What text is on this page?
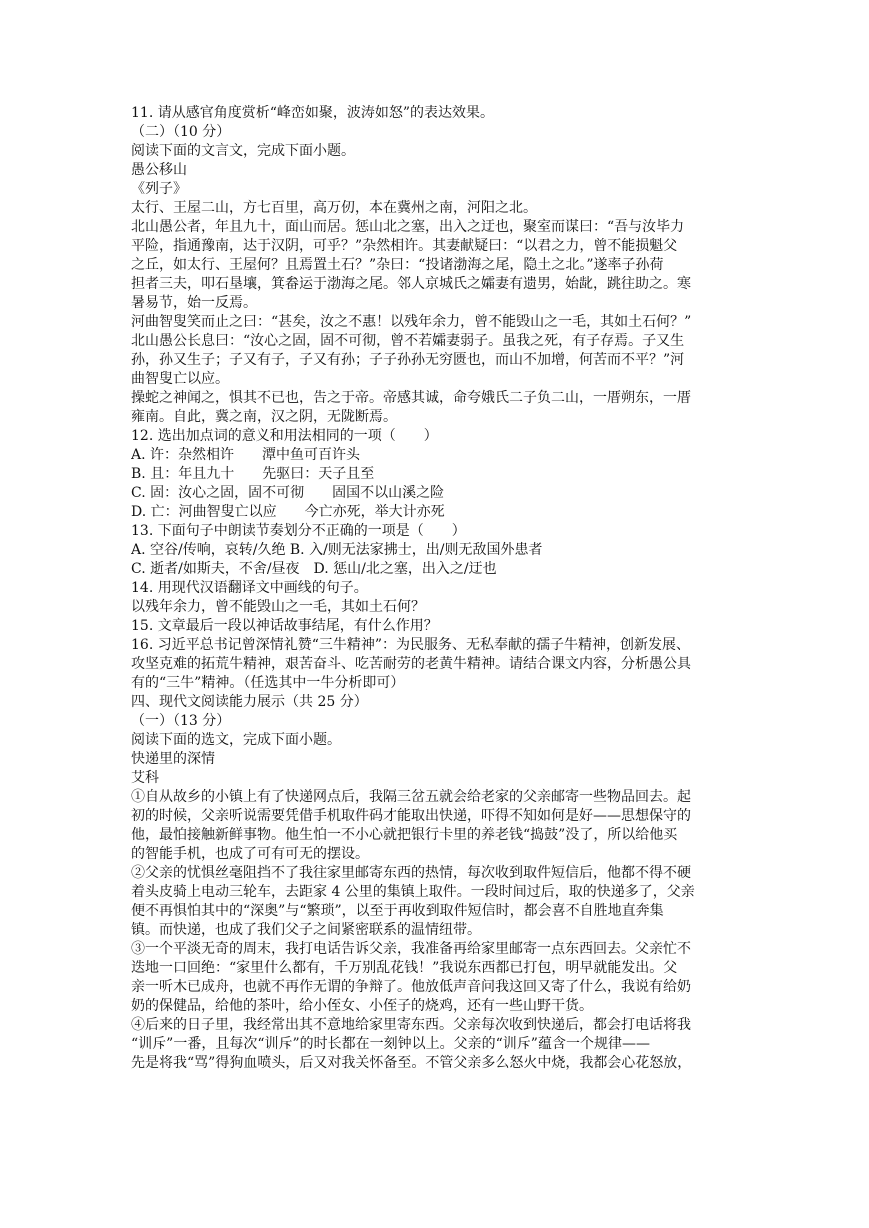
11. 请从感官角度赏析“峰峦如聚，波涛如怒”的表达效果。
（二）（10 分）
阅读下面的文言文，完成下面小题。
愚公移山
《列子》
太行、王屋二山，方七百里，高万仞，本在冀州之南，河阳之北。
北山愚公者，年且九十，面山而居。惩山北之塞，出入之迂也，聚室而谋曰：“吾与汝毕力
平险，指通豫南，达于汉阴，可乎？”杂然相许。其妻献疑曰：“以君之力，曾不能损魁父
之丘，如太行、王屋何？且焉置土石？”杂曰：“投诸渤海之尾，隐土之北。”遂率子孙荷
担者三夫，叩石垦壤，箕畚运于渤海之尾。邻人京城氏之孀妻有遗男，始龀，跳往助之。寒
暑易节，始一反焉。
河曲智叟笑而止之曰：“甚矣，汝之不惠！以残年余力，曾不能毁山之一毛，其如土石何？”
北山愚公长息曰：“汝心之固，固不可彻，曾不若孀妻弱子。虽我之死，有子存焉。子又生
孙，孙又生子；子又有子，子又有孙；子子孙孙无穷匮也，而山不加增，何苦而不平？”河
曲智叟亡以应。
操蛇之神闻之，惧其不已也，告之于帝。帝感其诚，命夸娥氏二子负二山，一厝朔东，一厝
雍南。自此，冀之南，汉之阴，无陇断焉。
12. 选出加点词的意义和用法相同的一项（　　）
A. 许：杂然相许　　潭中鱼可百许头
B. 且：年且九十　　先驱曰：天子且至
C. 固：汝心之固，固不可彻　　固国不以山溪之险
D. 亡：河曲智叟亡以应　　今亡亦死，举大计亦死
13. 下面句子中朗读节奏划分不正确的一项是（　　）
A. 空谷/传响，哀转/久绝 B. 入/则无法家拂士，出/则无敌国外患者
C. 逝者/如斯夫，不舍/昼夜　D. 惩山/北之塞，出入之/迂也
14. 用现代汉语翻译文中画线的句子。
以残年余力，曾不能毁山之一毛，其如土石何？
15. 文章最后一段以神话故事结尾，有什么作用？
16. 习近平总书记曾深情礼赞“三牛精神”：为民服务、无私奉献的孺子牛精神，创新发展、
攻坚克难的拓荒牛精神，艰苦奋斗、吃苦耐劳的老黄牛精神。请结合课文内容，分析愚公具
有的“三牛”精神。（任选其中一牛分析即可）
四、现代文阅读能力展示（共 25 分）
（一）（13 分）
阅读下面的选文，完成下面小题。
快递里的深情
艾科
①自从故乡的小镇上有了快递网点后，我隔三岔五就会给老家的父亲邮寄一些物品回去。起
初的时候，父亲听说需要凭借手机取件码才能取出快递，吓得不知如何是好——思想保守的
他，最怕接触新鲜事物。他生怕一不小心就把银行卡里的养老钱“捣鼓”没了，所以给他买
的智能手机，也成了可有可无的摆设。
②父亲的忧惧丝毫阻挡不了我往家里邮寄东西的热情，每次收到取件短信后，他都不得不硬
着头皮骑上电动三轮车，去距家 4 公里的集镇上取件。一段时间过后，取的快递多了，父亲
便不再惧怕其中的“深奥”与“繁琐”，以至于再收到取件短信时，都会喜不自胜地直奔集
镇。而快递，也成了我们父子之间紧密联系的温情纽带。
③一个平淡无奇的周末，我打电话告诉父亲，我准备再给家里邮寄一点东西回去。父亲忙不
迭地一口回绝：“家里什么都有，千万别乱花钱！”我说东西都已打包，明早就能发出。父
亲一听木已成舟，也就不再作无谓的争辩了。他放低声音问我这回又寄了什么，我说有给奶
奶的保健品，给他的茶叶，给小侄女、小侄子的烧鸡，还有一些山野干货。
④后来的日子里，我经常出其不意地给家里寄东西。父亲每次收到快递后，都会打电话将我
“训斥”一番，且每次“训斥”的时长都在一刻钟以上。父亲的“训斥”蕴含一个规律——
先是将我“骂”得狗血喷头，后又对我关怀备至。不管父亲多么怒火中烧，我都会心花怒放，
